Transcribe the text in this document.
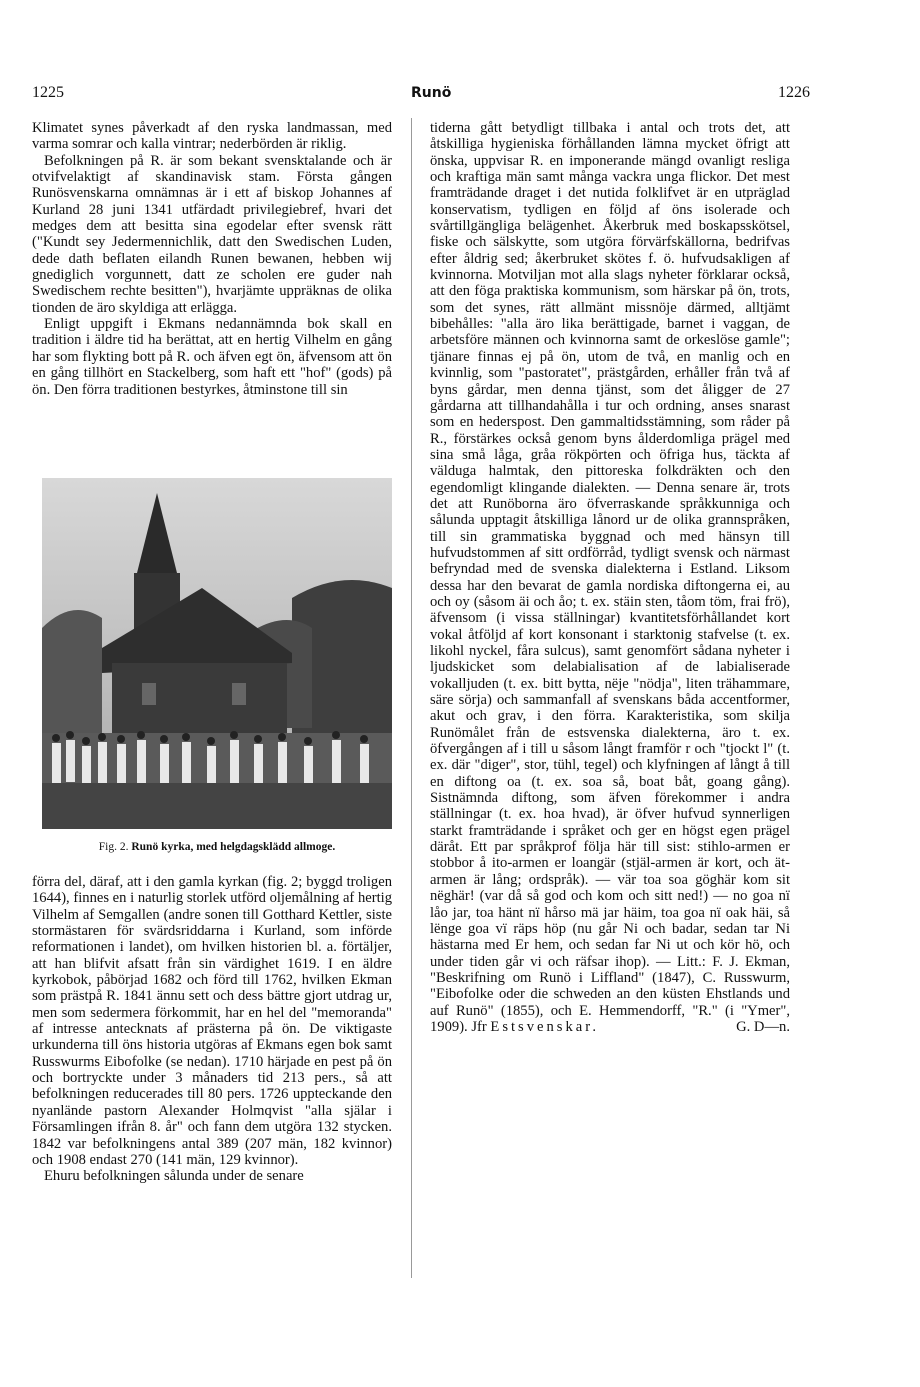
1225	Runö	1226

Klimatet synes påverkadt af den ryska landmassan, med varma somrar och kalla vintrar; nederbörden är riklig.

Befolkningen på R. är som bekant svensktalande och är otvifvelaktigt af skandinavisk stam. Första gången Runösvenskarna omnämnas är i ett af biskop Johannes af Kurland 28 juni 1341 utfärdadt privilegiebref, hvari det medges dem att besitta sina egodelar efter svensk rätt ("Kundt sey Jedermennichlik, datt den Swedischen Luden, dede dath beflaten eilandh Runen bewanen, hebben wij gnediglich vorgunnett, datt ze scholen ere guder nah Swedischem rechte besitten"), hvarjämte uppräknas de olika tionden de äro skyldiga att erlägga.

Enligt uppgift i Ekmans nedannämnda bok skall en tradition i äldre tid ha berättat, att en hertig Vilhelm en gång har som flykting bott på R. och äfven egt ön, äfvensom att ön en gång tillhört en Stackelberg, som haft ett "hof" (gods) på ön. Den förra traditionen bestyrkes, åtminstone till sin

Fig. 2. Runö kyrka, med helgdagsklädd allmoge.

förra del, däraf, att i den gamla kyrkan (fig. 2; byggd troligen 1644), finnes en i naturlig storlek utförd oljemålning af hertig Vilhelm af Semgallen (andre sonen till Gotthard Kettler, siste stormästaren för svärdsriddarna i Kurland, som införde reformationen i landet), om hvilken historien bl. a. förtäljer, att han blifvit afsatt från sin värdighet 1619. I en äldre kyrkobok, påbörjad 1682 och förd till 1762, hvilken Ekman som prästpå R. 1841 ännu sett och dess bättre gjort utdrag ur, men som sedermera förkommit, har en hel del "memoranda" af intresse antecknats af prästerna på ön. De viktigaste urkunderna till öns historia utgöras af Ekmans egen bok samt Russwurms Eibofolke (se nedan). 1710 härjade en pest på ön och bortryckte under 3 månaders tid 213 pers., så att befolkningen reducerades till 80 pers. 1726 uppteckande den nyanlände pastorn Alexander Holmqvist "alla själar i Församlingen ifrån 8. år" och fann dem utgöra 132 stycken. 1842 var befolkningens antal 389 (207 män, 182 kvinnor) och 1908 endast 270 (141 män, 129 kvinnor).

Ehuru befolkningen sålunda under de senare

tiderna gått betydligt tillbaka i antal och trots det, att åtskilliga hygieniska förhållanden lämna mycket öfrigt att önska, uppvisar R. en imponerande mängd ovanligt resliga och kraftiga män samt många vackra unga flickor. Det mest framträdande draget i det nutida folklifvet är en utpräglad konservatism, tydligen en följd af öns isolerade och svårtillgängliga belägenhet. Åkerbruk med boskapsskötsel, fiske och sälskytte, som utgöra förvärfskällorna, bedrifvas efter åldrig sed; åkerbruket skötes f. ö. hufvudsakligen af kvinnorna. Motviljan mot alla slags nyheter förklarar också, att den föga praktiska kommunism, som härskar på ön, trots, som det synes, rätt allmänt missnöje därmed, alltjämt bibehålles: "alla äro lika berättigade, barnet i vaggan, de arbetsföre männen och kvinnorna samt de orkeslöse gamle"; tjänare finnas ej på ön, utom de två, en manlig och en kvinnlig, som "pastoratet", prästgården, erhåller från två af byns gårdar, men denna tjänst, som det åligger de 27 gårdarna att tillhandahålla i tur och ordning, anses snarast som en hederspost. Den gammaltidsstämning, som råder på R., förstärkes också genom byns ålderdomliga prägel med sina små låga, gråa rökpörten och öfriga hus, täckta af välduga halmtak, den pittoreska folkdräkten och den egendomligt klingande dialekten. — Denna senare är, trots det att Runöborna äro öfverraskande språkkunniga och sålunda upptagit åtskilliga lånord ur de olika grannspråken, till sin grammatiska byggnad och med hänsyn till hufvudstommen af sitt ordförråd, tydligt svensk och närmast befryndad med de svenska dialekterna i Estland. Liksom dessa har den bevarat de gamla nordiska diftongerna ei, au och oy (såsom äi och åo; t. ex. stäin sten, tåom töm, frai frö), äfvensom (i vissa ställningar) kvantitetsförhållandet kort vokal åtföljd af kort konsonant i starktonig stafvelse (t. ex. likohl nyckel, fåra sulcus), samt genomfört sådana nyheter i ljudskicket som delabialisation af de labialiserade vokalljuden (t. ex. bitt bytta, nëje "nödja", liten trähammare, säre sörja) och sammanfall af svenskans båda accentformer, akut och grav, i den förra. Karakteristika, som skilja Runömålet från de estsvenska dialekterna, äro t. ex. öfvergången af i till u såsom långt framför r och "tjockt l" (t. ex. där "diger", stor, tühl, tegel) och klyfningen af långt å till en diftong oa (t. ex. soa så, boat båt, goang gång). Sistnämnda diftong, som äfven förekommer i andra ställningar (t. ex. hoa hvad), är öfver hufvud synnerligen starkt framträdande i språket och ger en högst egen prägel däråt. Ett par språkprof följa här till sist: stihlo-armen er stobbor å ito-armen er loangär (stjäl-armen är kort, och ät-armen är lång; ordspråk). — vär toa soa göghär kom sit nëghär! (var då så god och kom och sitt ned!) — no goa nï låo jar, toa hänt nï hårso mä jar häim, toa goa nï oak häi, så lënge goa vï räps höp (nu går Ni och badar, sedan tar Ni hästarna med Er hem, och sedan far Ni ut och kör hö, och under tiden går vi och räfsar ihop). — Litt.: F. J. Ekman, "Beskrifning om Runö i Liffland" (1847), C. Russwurm, "Eibofolke oder die schweden an den küsten Ehstlands und auf Runö" (1855), och E. Hemmendorff, "R." (i "Ymer", 1909). Jfr Estsvenskar.	G. D—n.
